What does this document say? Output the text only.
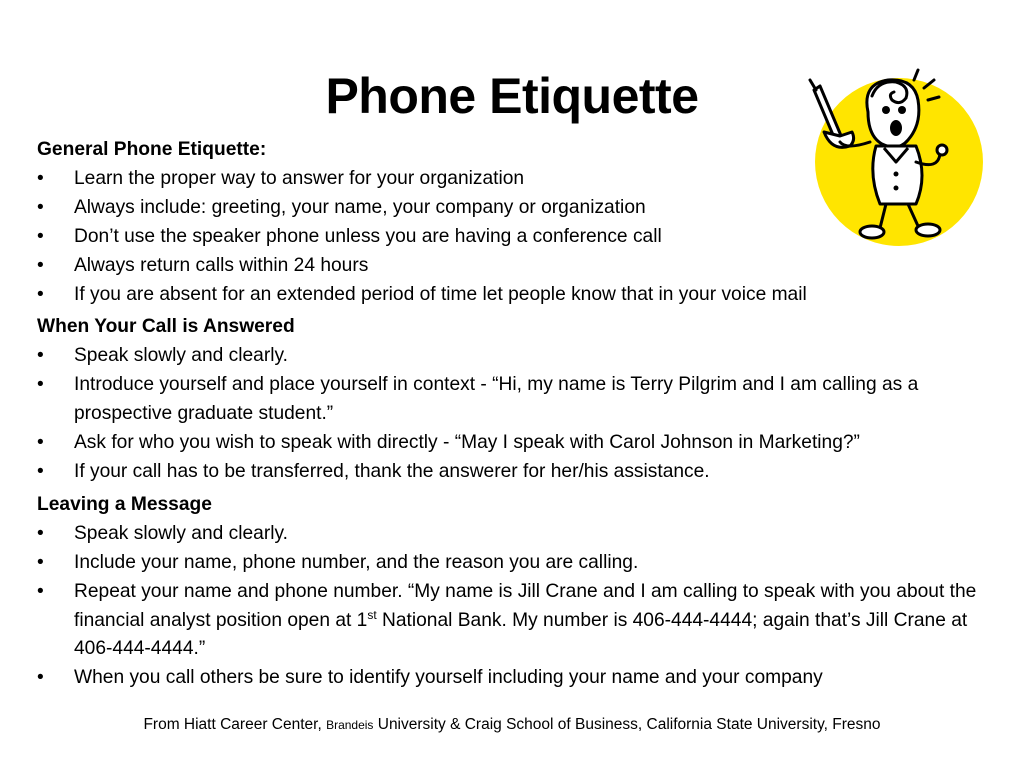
Phone Etiquette
General Phone Etiquette:
•	Learn the proper way to answer for your organization
•	Always include: greeting, your name, your company or organization
•	Don’t use the speaker phone unless you are having a conference call
•	Always return calls within 24 hours
•	If you are absent for an extended period of time let people know that in your voice mail
When Your Call is Answered
•	Speak slowly and clearly.
•	Introduce yourself and place yourself in context - “Hi, my name is Terry Pilgrim and I am calling as a prospective graduate student.”
•	Ask for who you wish to speak with directly - “May I speak with Carol Johnson in Marketing?”
•	If your call has to be transferred, thank the answerer for her/his assistance.
Leaving a Message
•	Speak slowly and clearly.
•	Include your name, phone number, and the reason you are calling.
•	Repeat your name and phone number. “My name is Jill Crane and I am calling to speak with you about the financial analyst position open at 1st National Bank. My number is 406-444-4444; again that’s Jill Crane at 406-444-4444.”
•	When you call others be sure to identify yourself including your name and your company
From Hiatt Career Center, Brandeis University & Craig School of Business, California State University, Fresno
